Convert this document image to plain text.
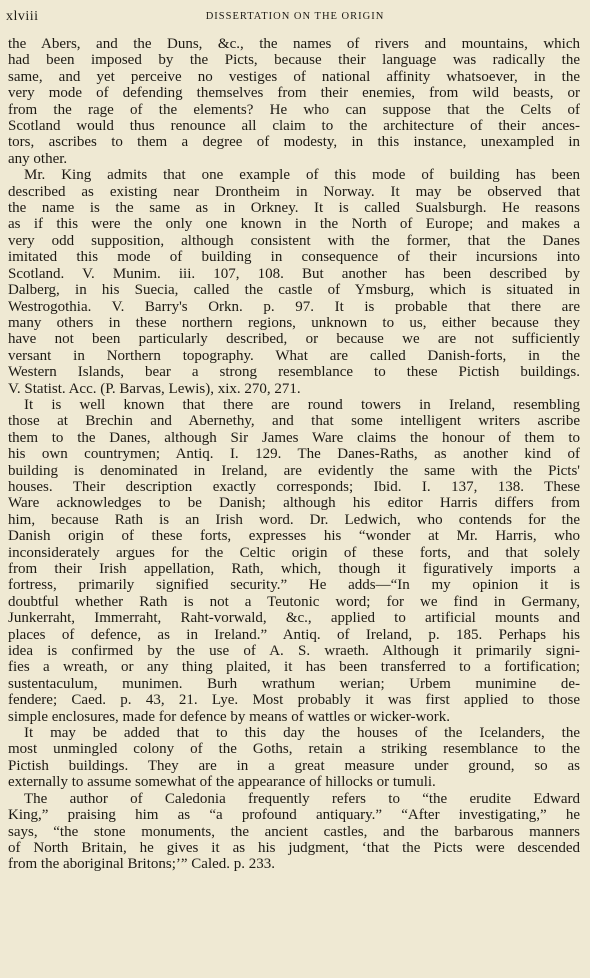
xlviii	DISSERTATION ON THE ORIGIN
the Abers, and the Duns, &c., the names of rivers and mountains, which
had been imposed by the Picts, because their language was radically the
same, and yet perceive no vestiges of national affinity whatsoever, in the
very mode of defending themselves from their enemies, from wild beasts, or
from the rage of the elements? He who can suppose that the Celts of
Scotland would thus renounce all claim to the architecture of their ances-
tors, ascribes to them a degree of modesty, in this instance, unexampled in
any other.
Mr. King admits that one example of this mode of building has been
described as existing near Drontheim in Norway. It may be observed that
the name is the same as in Orkney. It is called Sualsburgh. He reasons
as if this were the only one known in the North of Europe; and makes a
very odd supposition, although consistent with the former, that the Danes
imitated this mode of building in consequence of their incursions into
Scotland. V. Munim. iii. 107, 108. But another has been described by
Dalberg, in his Suecia, called the castle of Ymsburg, which is situated in
Westrogothia. V. Barry's Orkn. p. 97. It is probable that there are
many others in these northern regions, unknown to us, either because they
have not been particularly described, or because we are not sufficiently
versant in Northern topography. What are called Danish-forts, in the
Western Islands, bear a strong resemblance to these Pictish buildings.
V. Statist. Acc. (P. Barvas, Lewis), xix. 270, 271.
It is well known that there are round towers in Ireland, resembling
those at Brechin and Abernethy, and that some intelligent writers ascribe
them to the Danes, although Sir James Ware claims the honour of them to
his own countrymen; Antiq. I. 129. The Danes-Raths, as another kind of
building is denominated in Ireland, are evidently the same with the Picts'
houses. Their description exactly corresponds; Ibid. I. 137, 138. These
Ware acknowledges to be Danish; although his editor Harris differs from
him, because Rath is an Irish word. Dr. Ledwich, who contends for the
Danish origin of these forts, expresses his “wonder at Mr. Harris, who
inconsiderately argues for the Celtic origin of these forts, and that solely
from their Irish appellation, Rath, which, though it figuratively imports a
fortress, primarily signified security.” He adds—“In my opinion it is
doubtful whether Rath is not a Teutonic word; for we find in Germany,
Junkerraht, Immerraht, Raht-vorwald, &c., applied to artificial mounts and
places of defence, as in Ireland.” Antiq. of Ireland, p. 185. Perhaps his
idea is confirmed by the use of A. S. wraeth. Although it primarily signi-
fies a wreath, or any thing plaited, it has been transferred to a fortification;
sustentaculum, munimen. Burh wrathum werian; Urbem munimine de-
fendere; Caed. p. 43, 21. Lye. Most probably it was first applied to those
simple enclosures, made for defence by means of wattles or wicker-work.
It may be added that to this day the houses of the Icelanders, the
most unmingled colony of the Goths, retain a striking resemblance to the
Pictish buildings. They are in a great measure under ground, so as
externally to assume somewhat of the appearance of hillocks or tumuli.
The author of Caledonia frequently refers to “the erudite Edward
King,” praising him as “a profound antiquary.” “After investigating,” he
says, “the stone monuments, the ancient castles, and the barbarous manners
of North Britain, he gives it as his judgment, ‘that the Picts were descended
from the aboriginal Britons;’” Caled. p. 233.
